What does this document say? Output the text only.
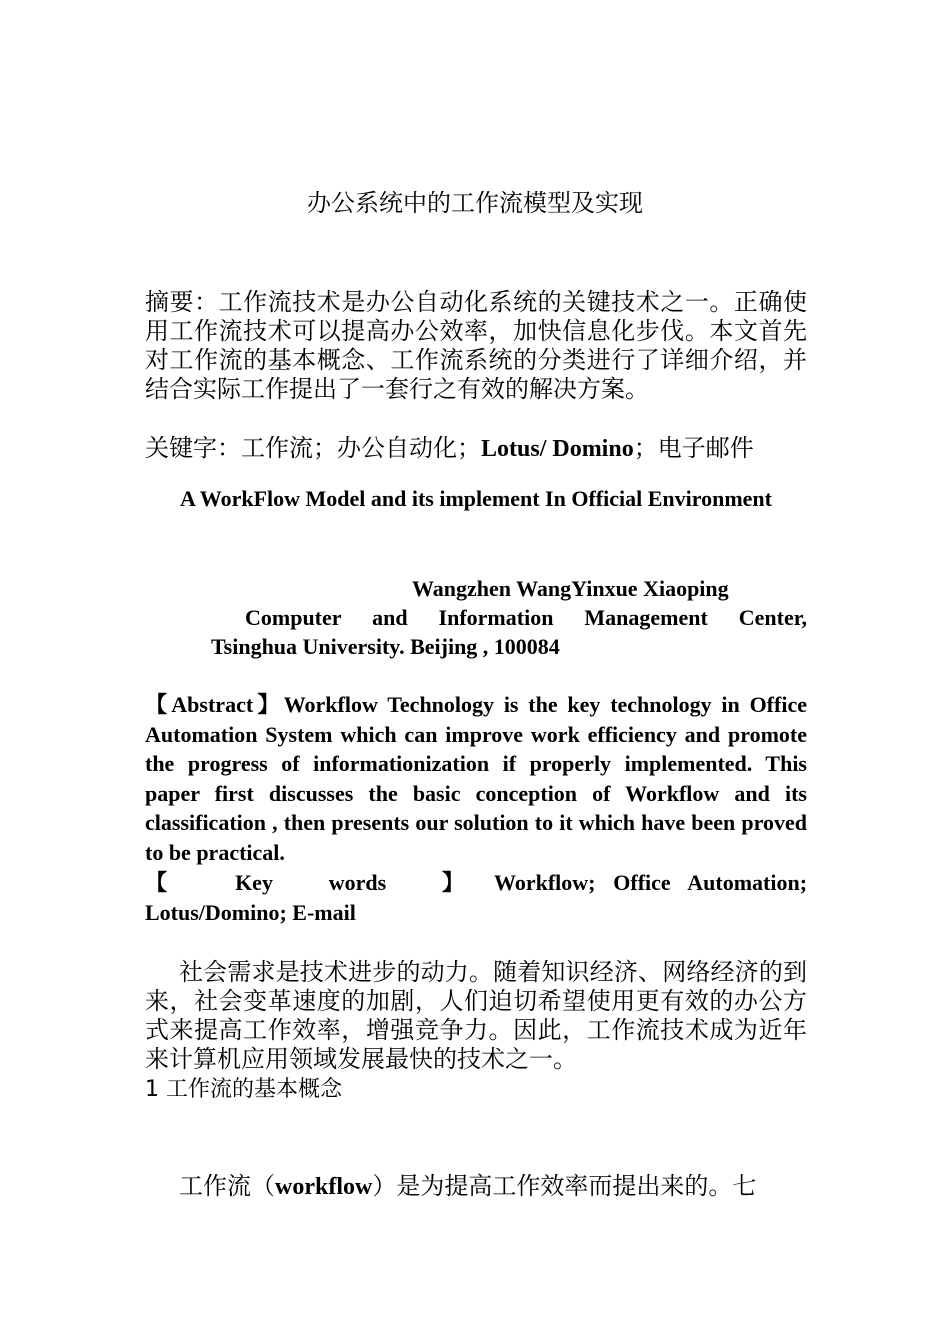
办公系统中的工作流模型及实现
摘要：工作流技术是办公自动化系统的关键技术之一。正确使用工作流技术可以提高办公效率，加快信息化步伐。本文首先对工作流的基本概念、工作流系统的分类进行了详细介绍，并结合实际工作提出了一套行之有效的解决方案。
关键字：工作流；办公自动化；Lotus/ Domino；电子邮件
A WorkFlow Model and its implement In Official Environment
Wangzhen WangYinxue Xiaoping
Computer and Information Management Center,
Tsinghua University. Beijing , 100084
【Abstract】Workflow Technology is the key technology in Office Automation System which can improve work efficiency and promote the progress of informationization if properly implemented. This paper first discusses the basic conception of Workflow and its classification , then presents our solution to it which have been proved to be practical.
【 Key words 】 Workflow; Office Automation; Lotus/Domino; E-mail
社会需求是技术进步的动力。随着知识经济、网络经济的到来，社会变革速度的加剧，人们迫切希望使用更有效的办公方式来提高工作效率，增强竞争力。因此，工作流技术成为近年来计算机应用领域发展最快的技术之一。
1 工作流的基本概念
工作流（workflow）是为提高工作效率而提出来的。七
